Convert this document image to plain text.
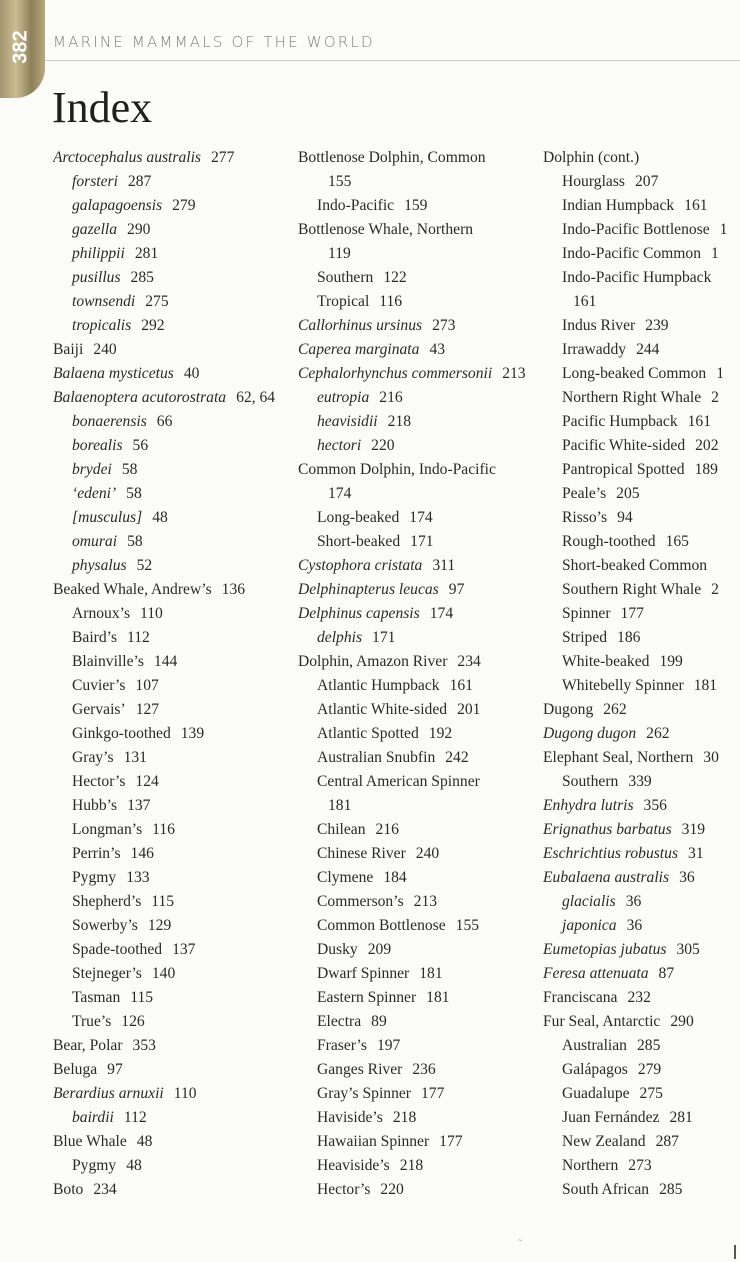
382 MARINE MAMMALS OF THE WORLD
Index
Arctocephalus australis 277
forsteri 287
galapagoensis 279
gazella 290
philippii 281
pusillus 285
townsendi 275
tropicalis 292
Baiji 240
Balaena mysticetus 40
Balaenoptera acutorostrata 62, 64
bonaerensis 66
borealis 56
brydei 58
‘edeni’ 58
[musculus] 48
omurai 58
physalus 52
Beaked Whale, Andrew’s 136
Arnoux’s 110
Baird’s 112
Blainville’s 144
Cuvier’s 107
Gervais’ 127
Ginkgo-toothed 139
Gray’s 131
Hector’s 124
Hubb’s 137
Longman’s 116
Perrin’s 146
Pygmy 133
Shepherd’s 115
Sowerby’s 129
Spade-toothed 137
Stejneger’s 140
Tasman 115
True’s 126
Bear, Polar 353
Beluga 97
Berardius arnuxii 110
bairdii 112
Blue Whale 48
Pygmy 48
Boto 234
Bottlenose Dolphin, Common
155
Indo-Pacific 159
Bottlenose Whale, Northern
119
Southern 122
Tropical 116
Callorhinus ursinus 273
Caperea marginata 43
Cephalorhynchus commersonii 213
eutropia 216
heavisidii 218
hectori 220
Common Dolphin, Indo-Pacific
174
Long-beaked 174
Short-beaked 171
Cystophora cristata 311
Delphinapterus leucas 97
Delphinus capensis 174
delphis 171
Dolphin, Amazon River 234
Atlantic Humpback 161
Atlantic White-sided 201
Atlantic Spotted 192
Australian Snubfin 242
Central American Spinner
181
Chilean 216
Chinese River 240
Clymene 184
Commerson’s 213
Common Bottlenose 155
Dusky 209
Dwarf Spinner 181
Eastern Spinner 181
Electra 89
Fraser’s 197
Ganges River 236
Gray’s Spinner 177
Haviside’s 218
Hawaiian Spinner 177
Heaviside’s 218
Hector’s 220
Dolphin (cont.)
Hourglass 207
Indian Humpback 161
Indo-Pacific Bottlenose 1
Indo-Pacific Common 1
Indo-Pacific Humpback
161
Indus River 239
Irrawaddy 244
Long-beaked Common 1
Northern Right Whale 2
Pacific Humpback 161
Pacific White-sided 202
Pantropical Spotted 189
Peale’s 205
Risso’s 94
Rough-toothed 165
Short-beaked Common
Southern Right Whale 2
Spinner 177
Striped 186
White-beaked 199
Whitebelly Spinner 181
Dugong 262
Dugong dugon 262
Elephant Seal, Northern 30
Southern 339
Enhydra lutris 356
Erignathus barbatus 319
Eschrichtius robustus 31
Eubalaena australis 36
glacialis 36
japonica 36
Eumetopias jubatus 305
Feresa attenuata 87
Franciscana 232
Fur Seal, Antarctic 290
Australian 285
Galápagos 279
Guadalupe 275
Juan Fernández 281
New Zealand 287
Northern 273
South African 285
~
